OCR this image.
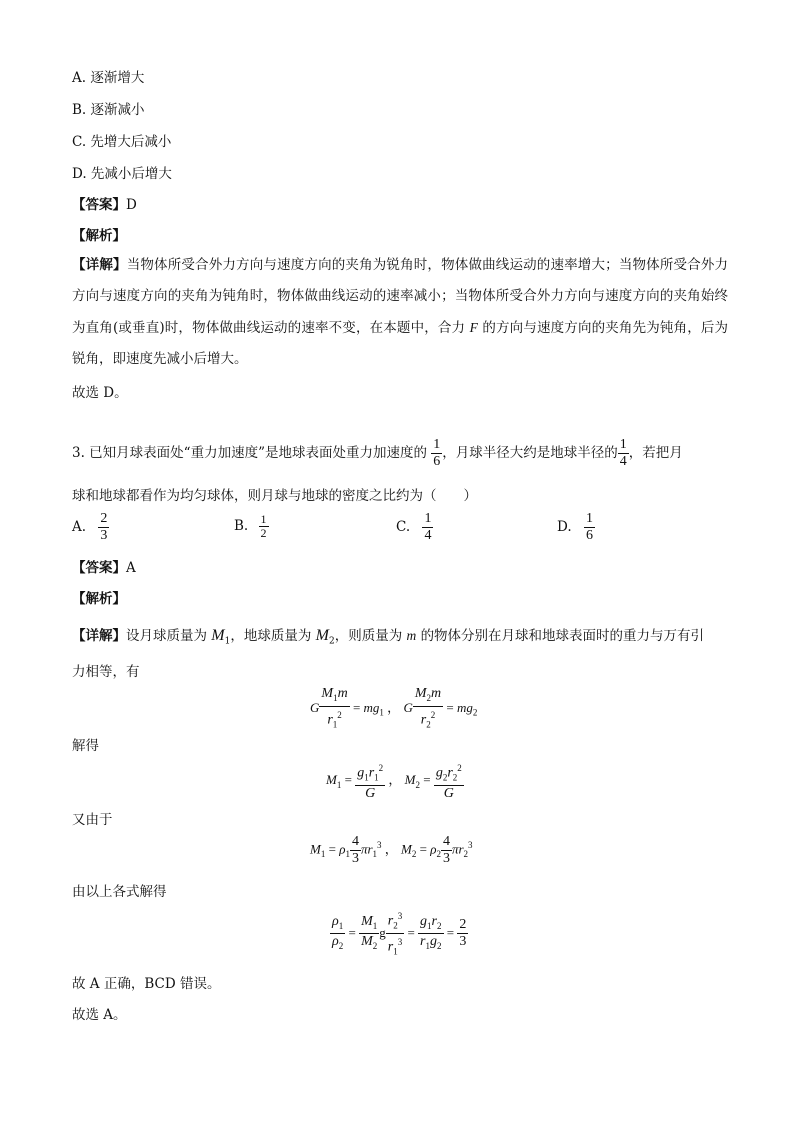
A. 逐渐增大
B. 逐渐减小
C. 先增大后减小
D. 先减小后增大
【答案】D
【解析】
【详解】当物体所受合外力方向与速度方向的夹角为锐角时，物体做曲线运动的速率增大；当物体所受合外力方向与速度方向的夹角为钝角时，物体做曲线运动的速率减小；当物体所受合外力方向与速度方向的夹角始终为直角(或垂直)时，物体做曲线运动的速率不变，在本题中，合力 F 的方向与速度方向的夹角先为钝角，后为锐角，即速度先减小后增大。
故选 D。
3. 已知月球表面处“重力加速度”是地球表面处重力加速度的 $\frac{1}{6}$ ，月球半径大约是地球半径的 $\frac{1}{4}$ ，若把月
球和地球都看作为均匀球体，则月球与地球的密度之比约为（　　）
A. $\frac{2}{3}$	B. $\frac{1}{2}$	C. $\frac{1}{4}$	D. $\frac{1}{6}$
【答案】A
【解析】
【详解】设月球质量为 $M_1$，地球质量为 $M_2$，则质量为 m 的物体分别在月球和地球表面时的重力与万有引
力相等，有
G $\frac{M_1m}{r_1^2} = mg_1$ ， G $\frac{M_2m}{r_2^2} = mg_2$
解得
$M_1 = \frac{g_1r_1^2}{G}$ ， $M_2 = \frac{g_2r_2^2}{G}$
又由于
$M_1 = \rho_1 \frac{4}{3} \pi r_1^3$ ， $M_2 = \rho_2 \frac{4}{3} \pi r_2^3$
由以上各式解得
$\frac{\rho_1}{\rho_2} = \frac{M_1}{M_2}$ g $\frac{r_2^3}{r_1^3} = \frac{g_1r_2}{r_1g_2} = \frac{2}{3}$
故 A 正确，BCD 错误。
故选 A。
